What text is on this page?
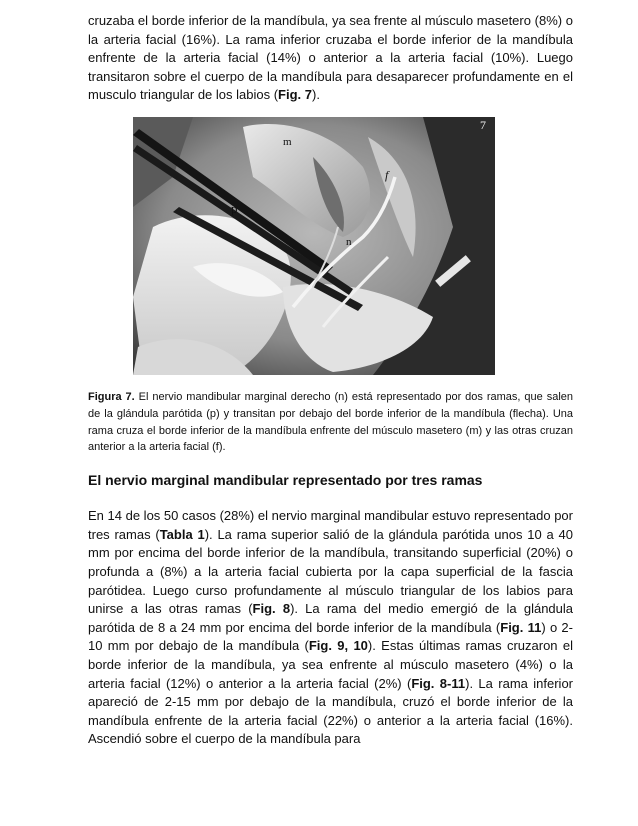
cruzaba el borde inferior de la mandíbula, ya sea frente al músculo masetero (8%) o la arteria facial (16%). La rama inferior cruzaba el borde inferior de la mandíbula enfrente de la arteria facial (14%) o anterior a la arteria facial (10%). Luego transitaron sobre el cuerpo de la mandíbula para desaparecer profundamente en el musculo triangular de los labios (Fig. 7).

7
m
f
p
n

Figura 7. El nervio mandibular marginal derecho (n) está representado por dos ramas, que salen de la glándula parótida (p) y transitan por debajo del borde inferior de la mandíbula (flecha). Una rama cruza el borde inferior de la mandíbula enfrente del músculo masetero (m) y las otras cruzan anterior a la arteria facial (f).

El nervio marginal mandibular representado por tres ramas

En 14 de los 50 casos (28%) el nervio marginal mandibular estuvo representado por tres ramas (Tabla 1). La rama superior salió de la glándula parótida unos 10 a 40 mm por encima del borde inferior de la mandíbula, transitando superficial (20%) o profunda a (8%) a la arteria facial cubierta por la capa superficial de la fascia parótidea. Luego curso profundamente al músculo triangular de los labios para unirse a las otras ramas (Fig. 8). La rama del medio emergió de la glándula parótida de 8 a 24 mm por encima del borde inferior de la mandíbula (Fig. 11) o 2-10 mm por debajo de la mandíbula (Fig. 9, 10). Estas últimas ramas cruzaron el borde inferior de la mandíbula, ya sea enfrente al músculo masetero (4%) o la arteria facial (12%) o anterior a la arteria facial (2%) (Fig. 8-11). La rama inferior apareció de 2-15 mm por debajo de la mandíbula, cruzó el borde inferior de la mandíbula enfrente de la arteria facial (22%) o anterior a la arteria facial (16%). Ascendió sobre el cuerpo de la mandíbula para
